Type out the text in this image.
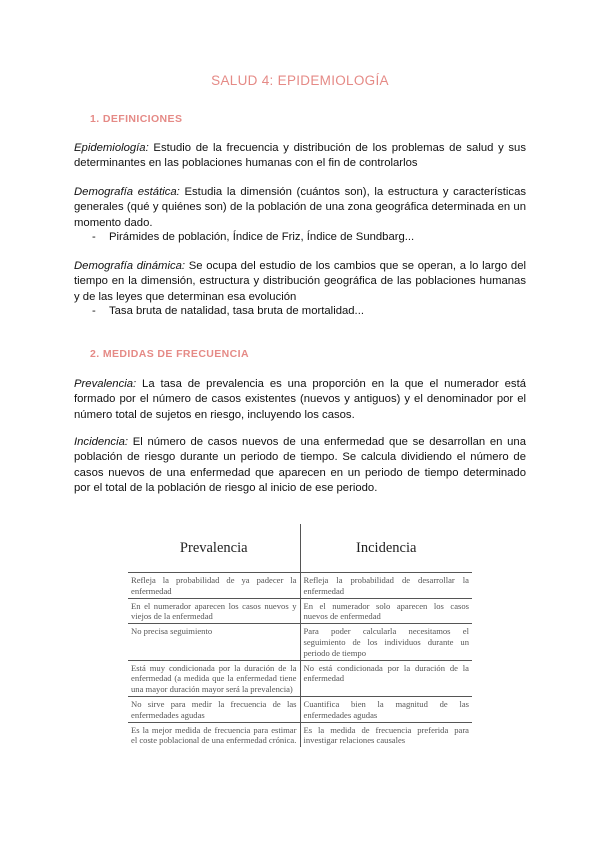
SALUD 4: EPIDEMIOLOGÍA
1. DEFINICIONES

Epidemiología: Estudio de la frecuencia y distribución de los problemas de salud y sus determinantes en las poblaciones humanas con el fin de controlarlos

Demografía estática: Estudia la dimensión (cuántos son), la estructura y características generales (qué y quiénes son) de la población de una zona geográfica determinada en un momento dado.

- Pirámides de población, Índice de Friz, Índice de Sundbarg...

Demografía dinámica: Se ocupa del estudio de los cambios que se operan, a lo largo del tiempo en la dimensión, estructura y distribución geográfica de las poblaciones humanas y de las leyes que determinan esa evolución

- Tasa bruta de natalidad, tasa bruta de mortalidad...

2. MEDIDAS DE FRECUENCIA

Prevalencia: La tasa de prevalencia es una proporción en la que el numerador está formado por el número de casos existentes (nuevos y antiguos) y el denominador por el número total de sujetos en riesgo, incluyendo los casos.

Incidencia: El número de casos nuevos de una enfermedad que se desarrollan en una población de riesgo durante un periodo de tiempo. Se calcula dividiendo el número de casos nuevos de una enfermedad que aparecen en un periodo de tiempo determinado por el total de la población de riesgo al inicio de ese periodo.

Prevalencia	Incidencia
Refleja la probabilidad de ya padecer la enfermedad	Refleja la probabilidad de desarrollar la enfermedad
En el numerador aparecen los casos nuevos y viejos de la enfermedad	En el numerador solo aparecen los casos nuevos de enfermedad
No precisa seguimiento	Para poder calcularla necesitamos el seguimiento de los individuos durante un periodo de tiempo
Está muy condicionada por la duración de la enfermedad (a medida que la enfermedad tiene una mayor duración mayor será la prevalencia)	No está condicionada por la duración de la enfermedad
No sirve para medir la frecuencia de las enfermedades agudas	Cuantifica bien la magnitud de las enfermedades agudas
Es la mejor medida de frecuencia para estimar el coste poblacional de una enfermedad crónica.	Es la medida de frecuencia preferida para investigar relaciones causales
